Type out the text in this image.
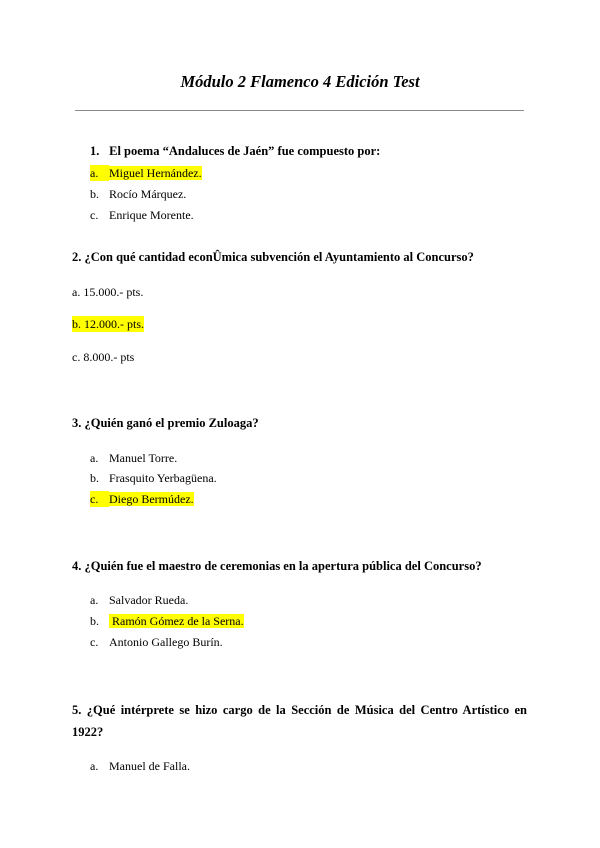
Módulo 2 Flamenco 4 Edición Test
1. El poema “Andaluces de Jaén” fue compuesto por:
a. Miguel Hernández.
b. Rocío Márquez.
c. Enrique Morente.
2. ¿Con qué cantidad econÛmica subvención el Ayuntamiento al Concurso?
a. 15.000.- pts.
b. 12.000.- pts.
c. 8.000.- pts
3. ¿Quién ganó el premio Zuloaga?
a. Manuel Torre.
b. Frasquito Yerbagüena.
c. Diego Bermúdez.
4. ¿Quién fue el maestro de ceremonias en la apertura pública del Concurso?
a. Salvador Rueda.
b. Ramón Gómez de la Serna.
c. Antonio Gallego Burín.
5. ¿Qué intérprete se hizo cargo de la Sección de Música del Centro Artístico en 1922?
a. Manuel de Falla.
